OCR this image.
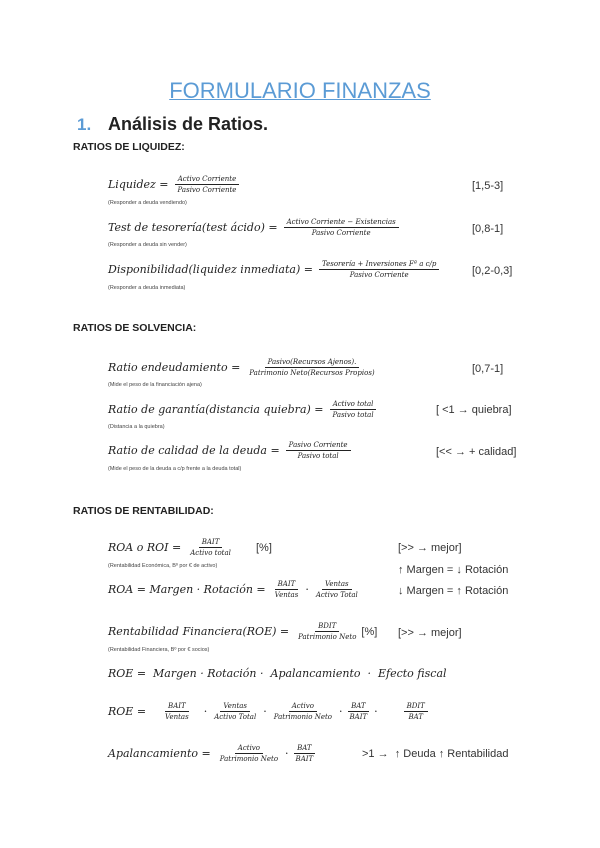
FORMULARIO FINANZAS
1. Análisis de Ratios.
RATIOS DE LIQUIDEZ:
RATIOS DE SOLVENCIA:
RATIOS DE RENTABILIDAD:
Liquidez = $\frac{\text{Activo Corriente}}{\text{Pasivo Corriente}}$	[1,5-3]
(Responder a deuda vendiendo)
Test de tesorería(test ácido) = $\frac{\text{Activo Corriente − Existencias}}{\text{Pasivo Corriente}}$	[0,8-1]
(Responder a deuda sin vender)
Disponibilidad(liquidez inmediata) = $\frac{\text{Tesorería + Inversiones Fª a c/p}}{\text{Pasivo Corriente}}$	[0,2-0,3]
(Responder a deuda inmediata)
Ratio endeudamiento = $\frac{\text{Pasivo(Recursos Ajenos).}}{\text{Patrimonio Neto(Recursos Propios)}}$	[0,7-1]
(Mide el peso de la financiación ajena)
Ratio de garantía(distancia quiebra) = $\frac{\text{Activo total}}{\text{Pasivo total}}$	[ <1 → quiebra]
(Distancia a la quiebra)
Ratio de calidad de la deuda = $\frac{\text{Pasivo Corriente}}{\text{Pasivo total}}$	[<< → + calidad]
(Mide el peso de la deuda a c/p frente a la deuda total)
ROA o ROI = $\frac{\text{BAIT}}{\text{Activo total}}$ [%]	[>> → mejor]
(Rentabilidad Económica, Bº por € de activo)	↑ Margen = ↓ Rotación
↓ Margen = ↑ Rotación
ROA = Margen · Rotación = $\frac{\text{BAIT}}{\text{Ventas}} \cdot \frac{\text{Ventas}}{\text{Activo Total}}$
Rentabilidad Financiera(ROE) = $\frac{\text{BDIT}}{\text{Patrimonio Neto}}$ [%] [>> → mejor]
(Rentabilidad Financiera, Bº por € socios)
ROE =  Margen · Rotación ·  Apalancamiento  ·  Efecto fiscal
ROE = $\frac{\text{BAIT}}{\text{Ventas}} \cdot \frac{\text{Ventas}}{\text{Activo Total}} \cdot \frac{\text{Activo}}{\text{Patrimonio Neto}} \cdot \frac{\text{BAT}}{\text{BAIT}}$ ·	$\frac{\text{BDIT}}{\text{BAT}}$
Apalancamiento = $\frac{\text{Activo}}{\text{Patrimonio Neto}} \cdot \frac{\text{BAT}}{\text{BAIT}}$	>1 →  ↑ Deuda ↑ Rentabilidad
